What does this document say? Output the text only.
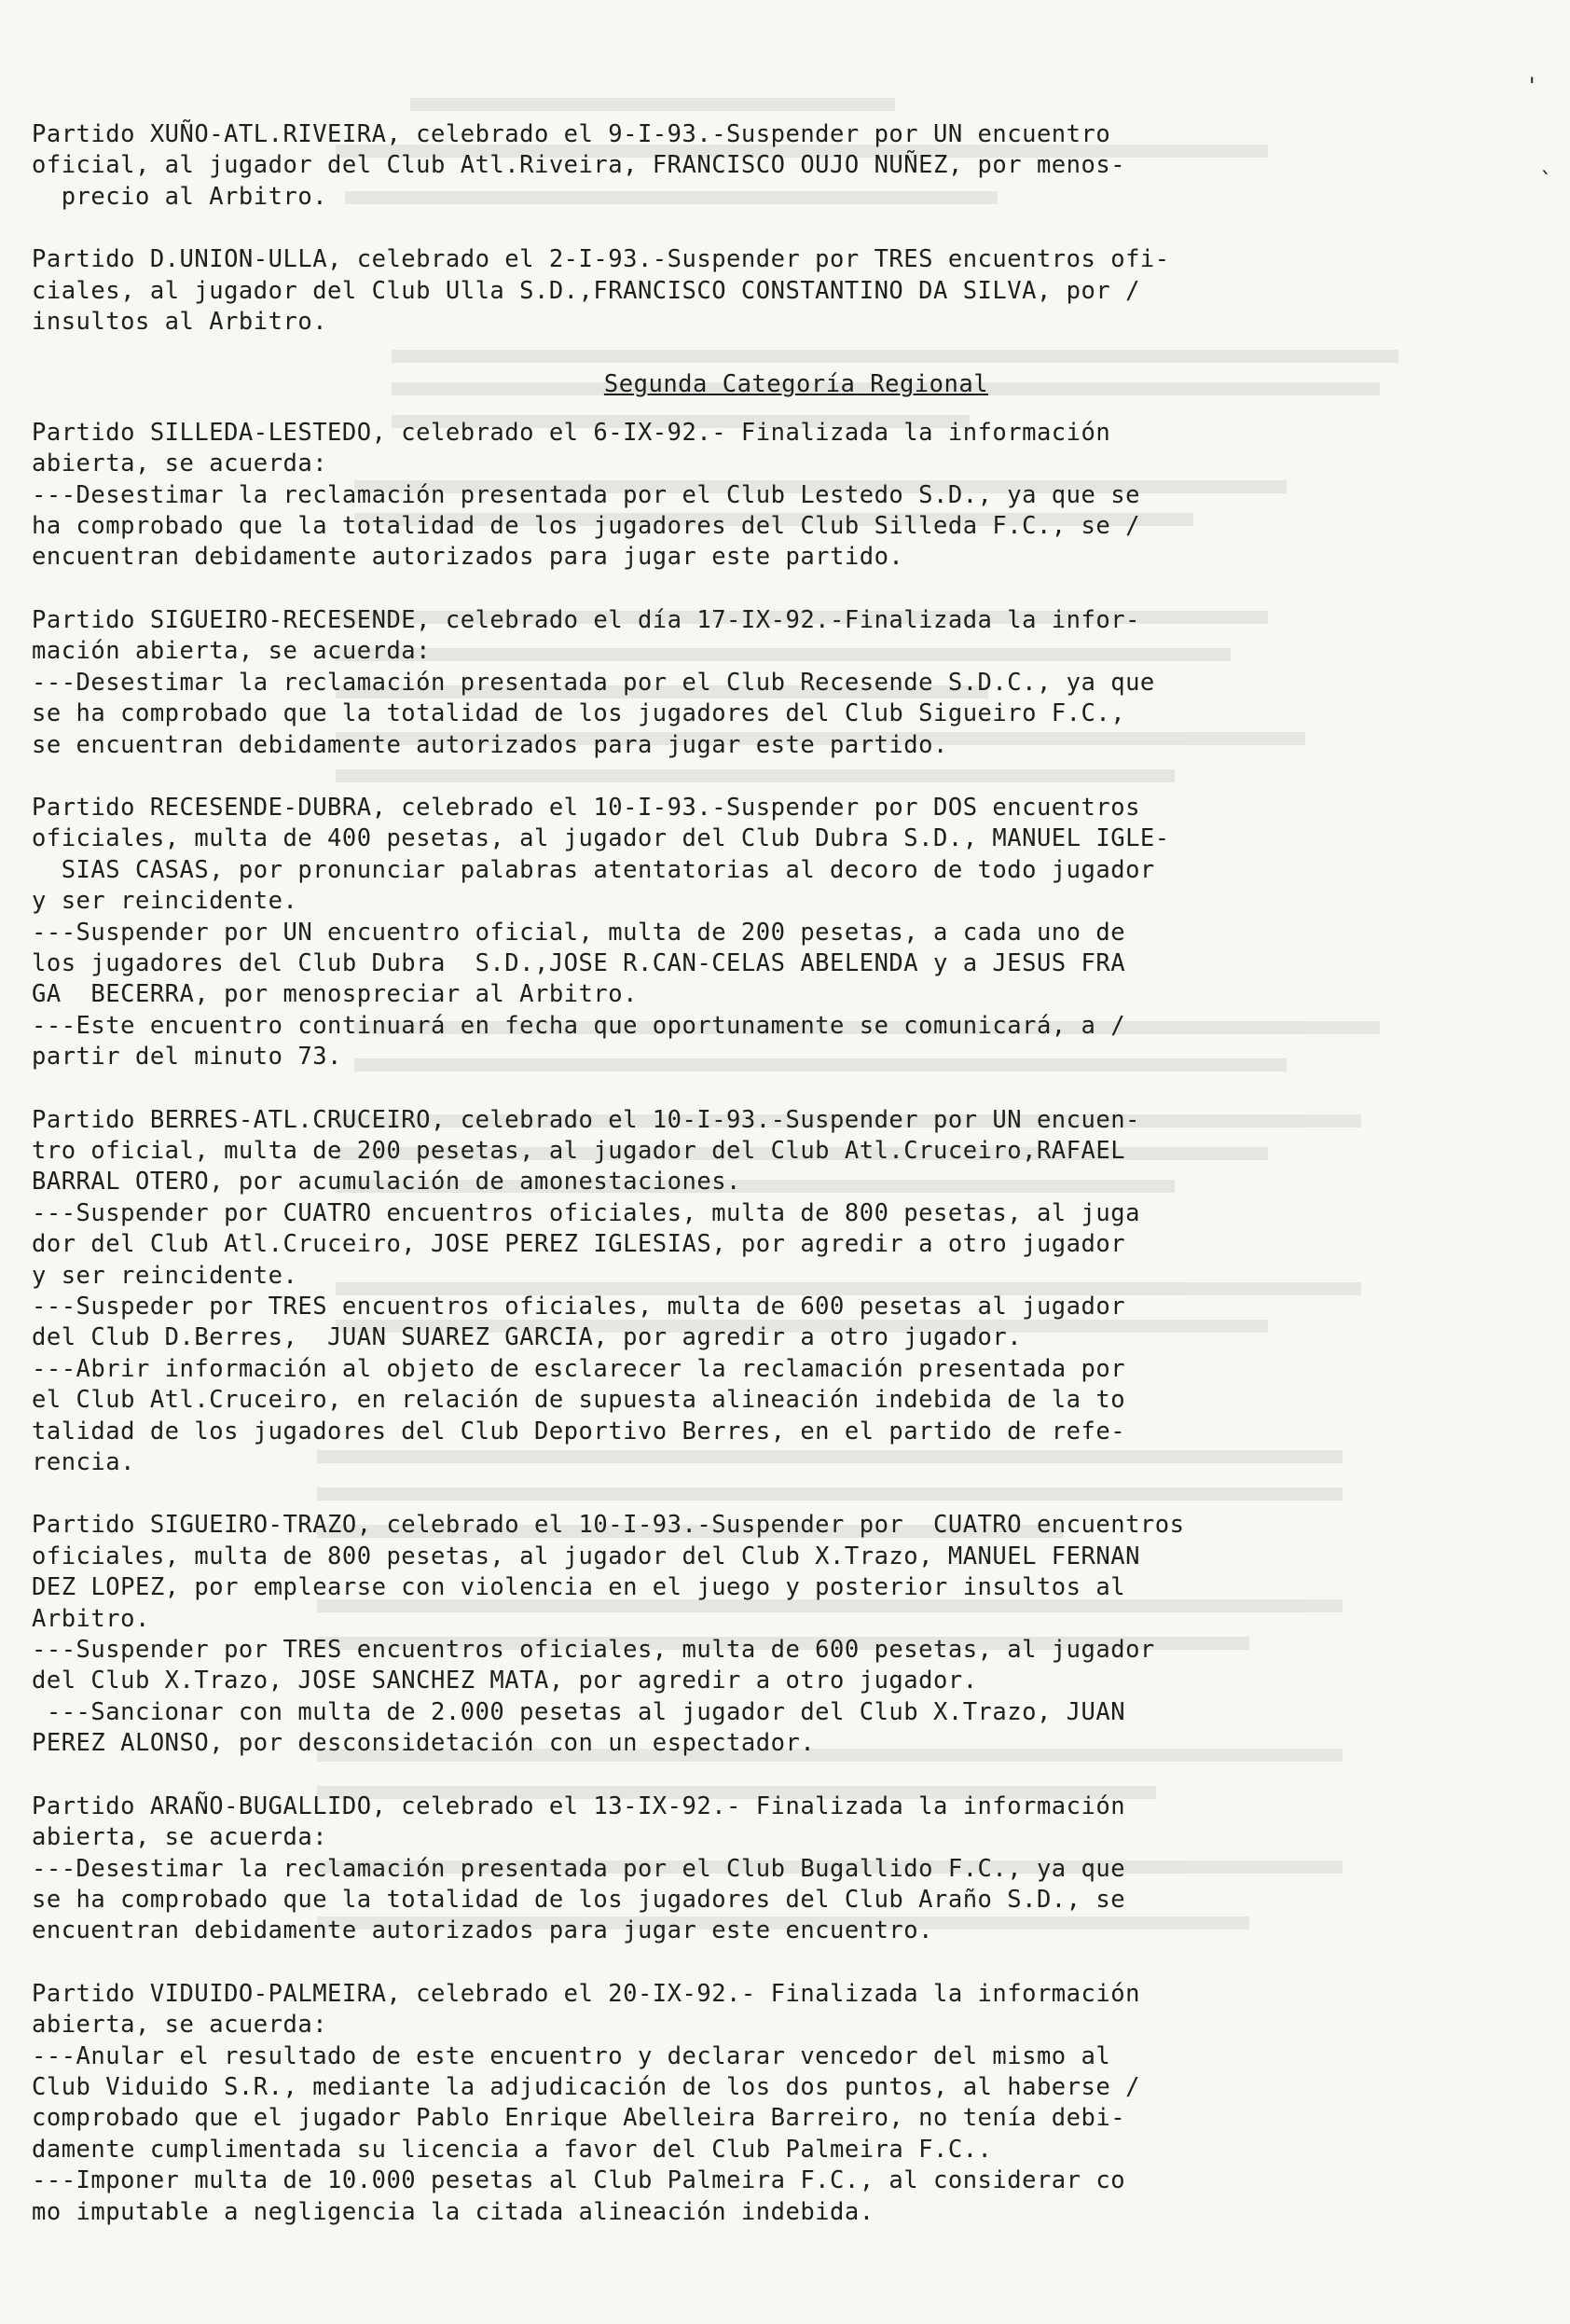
'
ˎ
Partido XUÑO-ATL.RIVEIRA, celebrado el 9-I-93.-Suspender por UN encuentro
oficial, al jugador del Club Atl.Riveira, FRANCISCO OUJO NUÑEZ, por menos-
precio al Arbitro.
Partido D.UNION-ULLA, celebrado el 2-I-93.-Suspender por TRES encuentros ofi-
ciales, al jugador del Club Ulla S.D.,FRANCISCO CONSTANTINO DA SILVA, por /
insultos al Arbitro.
Segunda Categoría Regional
Partido SILLEDA-LESTEDO, celebrado el 6-IX-92.- Finalizada la información
abierta, se acuerda:
---Desestimar la reclamación presentada por el Club Lestedo S.D., ya que se
ha comprobado que la totalidad de los jugadores del Club Silleda F.C., se /
encuentran debidamente autorizados para jugar este partido.
Partido SIGUEIRO-RECESENDE, celebrado el día 17-IX-92.-Finalizada la infor-
mación abierta, se acuerda:
---Desestimar la reclamación presentada por el Club Recesende S.D.C., ya que
se ha comprobado que la totalidad de los jugadores del Club Sigueiro F.C.,
se encuentran debidamente autorizados para jugar este partido.
Partido RECESENDE-DUBRA, celebrado el 10-I-93.-Suspender por DOS encuentros
oficiales, multa de 400 pesetas, al jugador del Club Dubra S.D., MANUEL IGLE-
SIAS CASAS, por pronunciar palabras atentatorias al decoro de todo jugador
y ser reincidente.
---Suspender por UN encuentro oficial, multa de 200 pesetas, a cada uno de
los jugadores del Club Dubra  S.D.,JOSE R.CAN-CELAS ABELENDA y a JESUS FRA
GA  BECERRA, por menospreciar al Arbitro.
---Este encuentro continuará en fecha que oportunamente se comunicará, a /
partir del minuto 73.
Partido BERRES-ATL.CRUCEIRO, celebrado el 10-I-93.-Suspender por UN encuen-
tro oficial, multa de 200 pesetas, al jugador del Club Atl.Cruceiro,RAFAEL
BARRAL OTERO, por acumulación de amonestaciones.
---Suspender por CUATRO encuentros oficiales, multa de 800 pesetas, al juga
dor del Club Atl.Cruceiro, JOSE PEREZ IGLESIAS, por agredir a otro jugador
y ser reincidente.
---Suspeder por TRES encuentros oficiales, multa de 600 pesetas al jugador
del Club D.Berres,  JUAN SUAREZ GARCIA, por agredir a otro jugador.
---Abrir información al objeto de esclarecer la reclamación presentada por
el Club Atl.Cruceiro, en relación de supuesta alineación indebida de la to
talidad de los jugadores del Club Deportivo Berres, en el partido de refe-
rencia.
Partido SIGUEIRO-TRAZO, celebrado el 10-I-93.-Suspender por  CUATRO encuentros
oficiales, multa de 800 pesetas, al jugador del Club X.Trazo, MANUEL FERNAN
DEZ LOPEZ, por emplearse con violencia en el juego y posterior insultos al
Arbitro.
---Suspender por TRES encuentros oficiales, multa de 600 pesetas, al jugador
del Club X.Trazo, JOSE SANCHEZ MATA, por agredir a otro jugador.
---Sancionar con multa de 2.000 pesetas al jugador del Club X.Trazo, JUAN
PEREZ ALONSO, por desconsidetación con un espectador.
Partido ARAÑO-BUGALLIDO, celebrado el 13-IX-92.- Finalizada la información
abierta, se acuerda:
---Desestimar la reclamación presentada por el Club Bugallido F.C., ya que
se ha comprobado que la totalidad de los jugadores del Club Araño S.D., se
encuentran debidamente autorizados para jugar este encuentro.
Partido VIDUIDO-PALMEIRA, celebrado el 20-IX-92.- Finalizada la información
abierta, se acuerda:
---Anular el resultado de este encuentro y declarar vencedor del mismo al
Club Viduido S.R., mediante la adjudicación de los dos puntos, al haberse /
comprobado que el jugador Pablo Enrique Abelleira Barreiro, no tenía debi-
damente cumplimentada su licencia a favor del Club Palmeira F.C..
---Imponer multa de 10.000 pesetas al Club Palmeira F.C., al considerar co
mo imputable a negligencia la citada alineación indebida.
